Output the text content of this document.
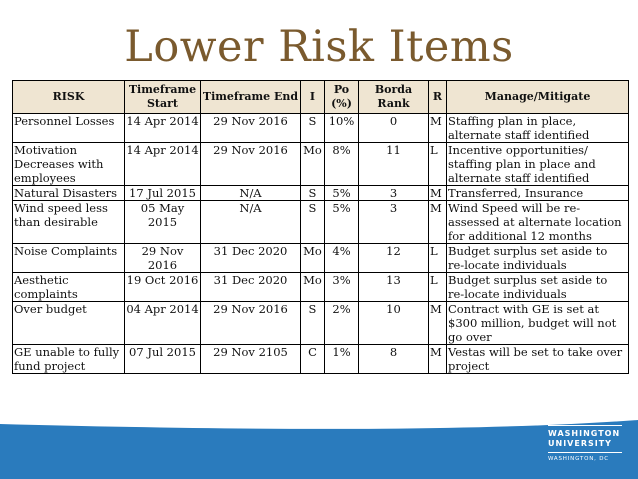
Lower Risk Items
RISK	Timeframe Start	Timeframe End	I	Po (%)	Borda Rank	R	Manage/Mitigate
Personnel Losses	14 Apr 2014	29 Nov 2016	S	10%	0	M	Staffing plan in place, alternate staff identified
Motivation Decreases with employees	14 Apr 2014	29 Nov 2016	Mo	8%	11	L	Incentive opportunities/ staffing plan in place and alternate staff identified
Natural Disasters	17 Jul 2015	N/A	S	5%	3	M	Transferred, Insurance
Wind speed less than desirable	05 May 2015	N/A	S	5%	3	M	Wind Speed will be re-assessed at alternate location for additional 12 months
Noise Complaints	29 Nov 2016	31 Dec 2020	Mo	4%	12	L	Budget surplus set aside to re-locate individuals
Aesthetic complaints	19 Oct 2016	31 Dec 2020	Mo	3%	13	L	Budget surplus set aside to re-locate individuals
Over budget	04 Apr 2014	29 Nov 2016	S	2%	10	M	Contract with GE is set at $300 million, budget will not go over
GE unable to fully fund project	07 Jul 2015	29 Nov 2105	C	1%	8	M	Vestas will be set to take over project
WASHINGTON
UNIVERSITY
WASHINGTON, DC
